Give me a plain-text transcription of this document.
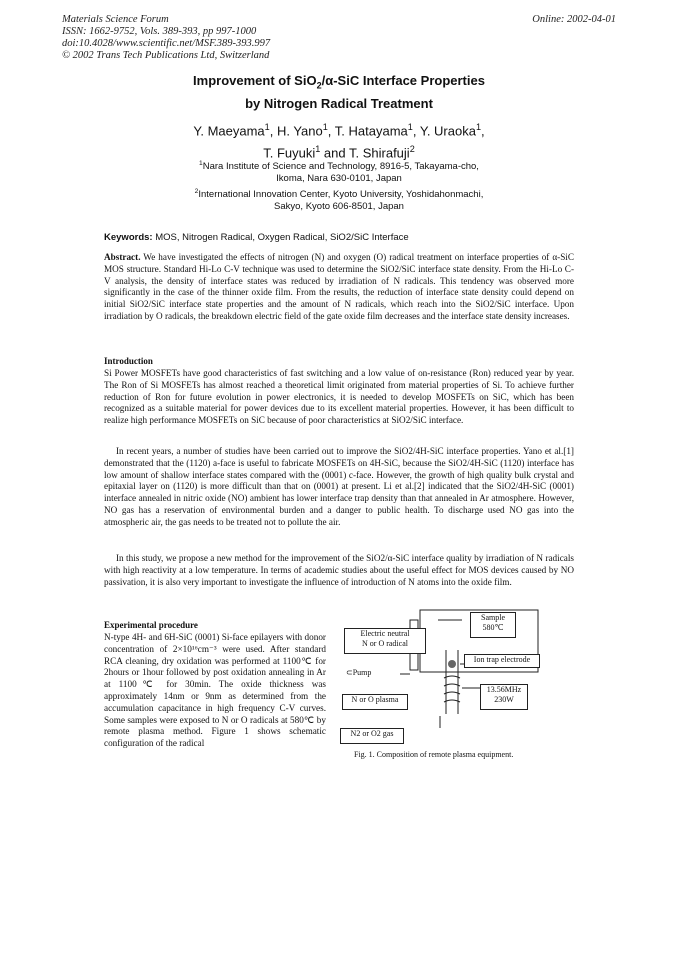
Materials Science Forum
ISSN: 1662-9752, Vols. 389-393, pp 997-1000
doi:10.4028/www.scientific.net/MSF.389-393.997
© 2002 Trans Tech Publications Ltd, Switzerland
Online: 2002-04-01
Improvement of SiO$_2$/α-SiC Interface Properties
by Nitrogen Radical Treatment
Y. Maeyama$^1$, H. Yano$^1$, T. Hatayama$^1$, Y. Uraoka$^1$,
T. Fuyuki$^1$ and T. Shirafuji$^2$
$^1$Nara Institute of Science and Technology, 8916-5, Takayama-cho,
Ikoma, Nara 630-0101, Japan
$^2$International Innovation Center, Kyoto University, Yoshidahonmachi,
Sakyo, Kyoto 606-8501, Japan
Keywords: MOS, Nitrogen Radical, Oxygen Radical, SiO2/SiC Interface
Abstract. We have investigated the effects of nitrogen (N) and oxygen (O) radical treatment on interface properties of α-SiC MOS structure. Standard Hi-Lo C-V technique was used to determine the SiO2/SiC interface state density. From the Hi-Lo C-V analysis, the density of interface states was reduced by irradiation of N radicals. This tendency was observed more significantly in the case of the thinner oxide film. From the results, the reduction of interface state density could depend on initial SiO2/SiC interface state properties and the amount of N radicals, which reach into the SiO2/SiC interface. Upon irradiation by O radicals, the breakdown electric field of the gate oxide film decreases and the interface state density increases.
Introduction
Si Power MOSFETs have good characteristics of fast switching and a low value of on-resistance (Ron) reduced year by year. The Ron of Si MOSFETs has almost reached a theoretical limit originated from material properties of Si. To achieve further reduction of Ron for future evolution in power electronics, it is needed to develop MOSFETs on SiC, which has been recognized as a suitable material for power devices due to its excellent material properties. However, it has been difficult to realize high performance MOSFETs on SiC because of poor characteristics at SiO2/SiC interface.
In recent years, a number of studies have been carried out to improve the SiO2/4H-SiC interface properties. Yano et al.[1] demonstrated that the (1120) a-face is useful to fabricate MOSFETs on 4H-SiC, because the SiO2/4H-SiC (1120) interface has low amount of shallow interface states compared with the (0001) c-face. However, the growth of high quality bulk crystal and epitaxial layer on (1120) is more difficult than that on (0001) at present. Li et al.[2] indicated that the SiO2/4H-SiC (0001) interface annealed in nitric oxide (NO) ambient has lower interface trap density than that annealed in Ar atmosphere. However, NO gas has a reservation of environmental burden and a danger to public health. To discharge used NO gas into the atmospheric air, the gas needs to be treated not to pollute the air.
In this study, we propose a new method for the improvement of the SiO2/α-SiC interface quality by irradiation of N radicals with high reactivity at a low temperature. In terms of academic studies about the useful effect for MOS devices caused by NO passivation, it is also very important to investigate the influence of introduction of N atoms into the oxide film.
Experimental procedure
N-type 4H- and 6H-SiC (0001) Si-face epilayers with donor concentration of 2×10¹⁶cm⁻³ were used. After standard RCA cleaning, dry oxidation was performed at 1100℃ for 2hours or 1hour followed by post oxidation annealing in Ar at 1100℃ for 30min. The oxide thickness was approximately 14nm or 9nm as determined from the accumulation capacitance in high frequency C-V curves. Some samples were exposed to N or O radicals at 580℃ by remote plasma method. Figure 1 shows schematic configuration of the radical
Sample
580℃
Electric neutral
N or O radical
Ion trap electrode
⊂Pump
N or O plasma
13.56MHz
230W
N2 or O2 gas
Fig. 1. Composition of remote plasma equipment.
